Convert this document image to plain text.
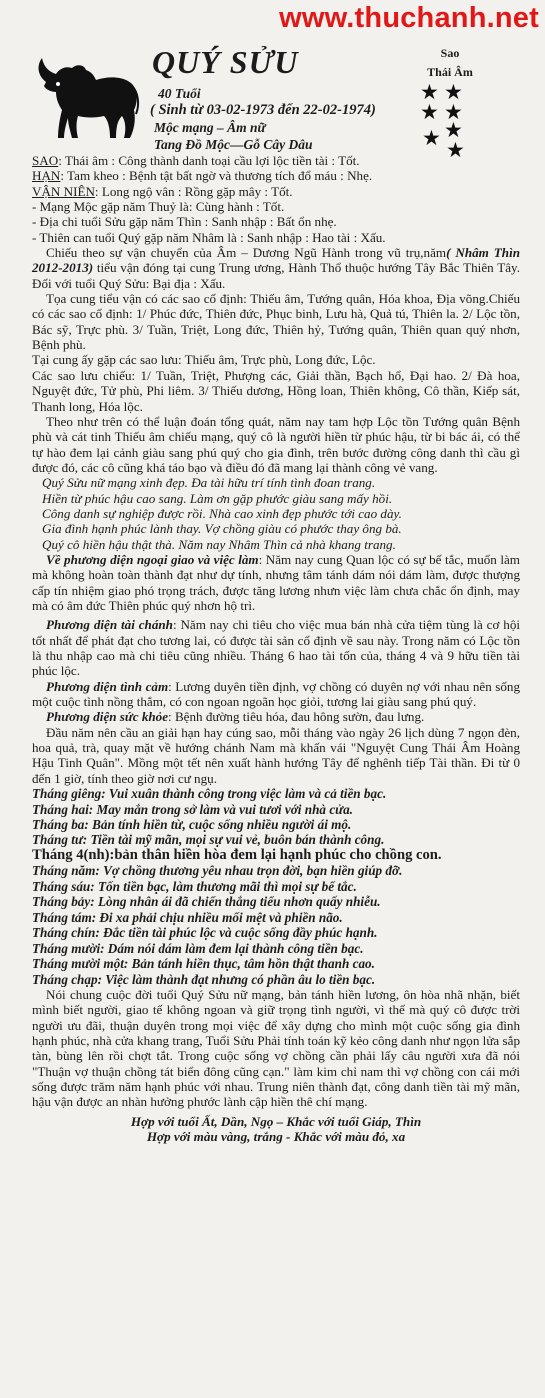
www.thuchanh.net
QUÝ SỬU
40 Tuổi
( Sinh từ 03-02-1973 đến 22-02-1974)
Mộc mạng – Âm nữ
Tang Đồ Mộc—Gỗ Cây Dâu
Sao
Thái Âm
★ ★
★ ★
★
★ ★

SAO: Thái âm : Công thành danh toại cầu lợi lộc tiền tài : Tốt.

HẠN: Tam kheo : Bệnh tật bất ngờ và thương tích đổ máu : Nhẹ.

VẬN NIÊN: Long ngộ vân : Rồng gặp mây : Tốt.

- Mạng Mộc gặp năm Thuỷ là: Cùng hành : Tốt.

- Địa chi tuổi Sửu gặp năm Thìn : Sanh nhập : Bất ổn nhẹ.

- Thiên can tuổi Quý gặp năm Nhâm là : Sanh nhập : Hao tài : Xấu.

Chiếu theo sự vận chuyển của Âm – Dương Ngũ Hành trong vũ trụ,năm( Nhâm Thìn 2012-2013) tiểu vận đóng tại cung Trung ương, Hành Thổ thuộc hướng Tây Bắc Thiên Tây. Đối với tuổi Quý Sửu: Bại địa : Xấu.

Tọa cung tiểu vận có các sao cố định: Thiếu âm, Tướng quân, Hóa khoa, Địa võng.Chiếu có các sao cố định: 1/ Phúc đức, Thiên đức, Phục binh, Lưu hà, Quả tú, Thiên la. 2/ Lộc tồn, Bác sỹ, Trực phù. 3/ Tuần, Triệt, Long đức, Thiên hỷ, Tướng quân, Thiên quan quý nhơn, Bệnh phù.

Tại cung ấy gặp các sao lưu: Thiếu âm, Trực phù, Long đức, Lộc.

Các sao lưu chiếu: 1/ Tuần, Triệt, Phượng các, Giải thần, Bạch hổ, Đại hao. 2/ Đà hoa, Nguyệt đức, Tử phù, Phi liêm. 3/ Thiếu dương, Hồng loan, Thiên không, Cô thần, Kiếp sát, Thanh long, Hóa lộc.

Theo như trên có thể luận đoán tổng quát, năm nay tam hợp Lộc tồn Tướng quân Bệnh phù và cát tinh Thiếu âm chiếu mạng, quý cô là người hiền từ phúc hậu, từ bi bác ái, có thể tự hào đem lại cảnh giàu sang phú quý cho gia đình, trên bước đường công danh thì cầu gì được đó, các cô cũng khá táo bạo và điều đó đã mang lại thành công vẻ vang.

Quý Sửu nữ mạng xinh đẹp. Đa tài hữu trí tính tình đoan trang.

Hiền từ phúc hậu cao sang. Làm ơn gặp phước giàu sang mấy hồi.

Công danh sự nghiệp được rồi. Nhà cao xinh đẹp phước tới cao dày.

Gia đình hạnh phúc lành thay. Vợ chồng giàu có phước thay ông bà.

Quý cô hiền hậu thật thà. Năm nay Nhâm Thìn cả nhà khang trang.

Về phương diện ngoại giao và việc làm: Năm nay cung Quan lộc có sự bế tắc, muốn làm mà không hoàn toàn thành đạt như dự tính, nhưng tâm tánh dám nói dám làm, được thượng cấp tín nhiệm giao phó trọng trách, được tăng lương nhưn việc làm chưa chắc ổn định, may mà có âm đức Thiên phúc quý nhơn hộ trì.

Phương diện tài chánh: Năm nay chi tiêu cho việc mua bán nhà cửa tiệm tùng là cơ hội tốt nhất để phát đạt cho tương lai, có được tài sản cố định về sau này. Trong năm có Lộc tồn là thu nhập cao mà chi tiêu cũng nhiều. Tháng 6 hao tài tốn của, tháng 4 và 9 hữu tiền tài phúc lộc.

Phương diện tình cảm: Lương duyên tiền định, vợ chồng có duyên nợ với nhau nên sống một cuộc tình nồng thắm, có con ngoan ngoãn học giỏi, tương lai giàu sang phú quý.

Phương diện sức khỏe: Bệnh đường tiêu hóa, đau hông sườn, đau lưng.

Đầu năm nên cầu an giải hạn hay cúng sao, mỗi tháng vào ngày 26 lịch dùng 7 ngọn đèn, hoa quả, trà, quay mặt về hướng chánh Nam mà khấn vái "Nguyệt Cung Thái Âm Hoàng Hậu Tinh Quân". Mồng một tết nên xuất hành hướng Tây để nghênh tiếp Tài thần. Đi từ 0 đến 1 giờ, tính theo giờ nơi cư ngụ.

Tháng giêng: Vui xuân thành công trong việc làm và cả tiền bạc.

Tháng hai: May mắn trong sở làm và vui tươi với nhà cửa.

Tháng ba: Bản tính hiền từ, cuộc sống nhiều người ái mộ.

Tháng tư: Tiền tài mỹ mãn, mọi sự vui vẻ, buôn bán thành công.

Tháng 4(nh):bản thân hiền hòa đem lại hạnh phúc cho chồng con.

Tháng năm: Vợ chồng thương yêu nhau trọn đời, bạn hiền giúp đỡ.

Tháng sáu: Tốn tiền bạc, làm thương mãi thì mọi sự bế tắc.

Tháng bảy: Lòng nhân ái đã chiến thắng tiểu nhơn quấy nhiễu.

Tháng tám: Đi xa phải chịu nhiều mối mệt và phiền não.

Tháng chín: Đắc tiền tài phúc lộc và cuộc sống đầy phúc hạnh.

Tháng mười: Dám nói dám làm đem lại thành công tiền bạc.

Tháng mười một: Bản tánh hiền thục, tâm hồn thật thanh cao.

Tháng chạp: Việc làm thành đạt nhưng có phần âu lo tiền bạc.

Nói chung cuộc đời tuổi Quý Sửu nữ mạng, bản tánh hiền lương, ôn hòa nhã nhặn, biết mình biết người, giao tế không ngoan và giữ trọng tình người, vì thế mà quý cô được trời người ưu đãi, thuận duyên trong mọi việc để xây dựng cho mình một cuộc sống gia đình hạnh phúc, nhà cửa khang trang, Tuổi Sửu Phải tính toán kỹ kẻo công danh như ngọn lửa sắp tàn, bùng lên rồi chợt tắt. Trong cuộc sống vợ chồng cần phải lấy câu người xưa đã nói "Thuận vợ thuận chồng tát biển đông cũng cạn." làm kim chỉ nam thì vợ chồng con cái mới sống được trăm năm hạnh phúc với nhau. Trung niên thành đạt, công danh tiền tài mỹ mãn, hậu vận được an nhàn hưởng phước lành cập hiền thê chí mạng.

Hợp với tuổi Ất, Dần, Ngọ – Khắc với tuổi Giáp, Thìn

Hợp với màu vàng, trắng - Khắc với màu đỏ, xa
